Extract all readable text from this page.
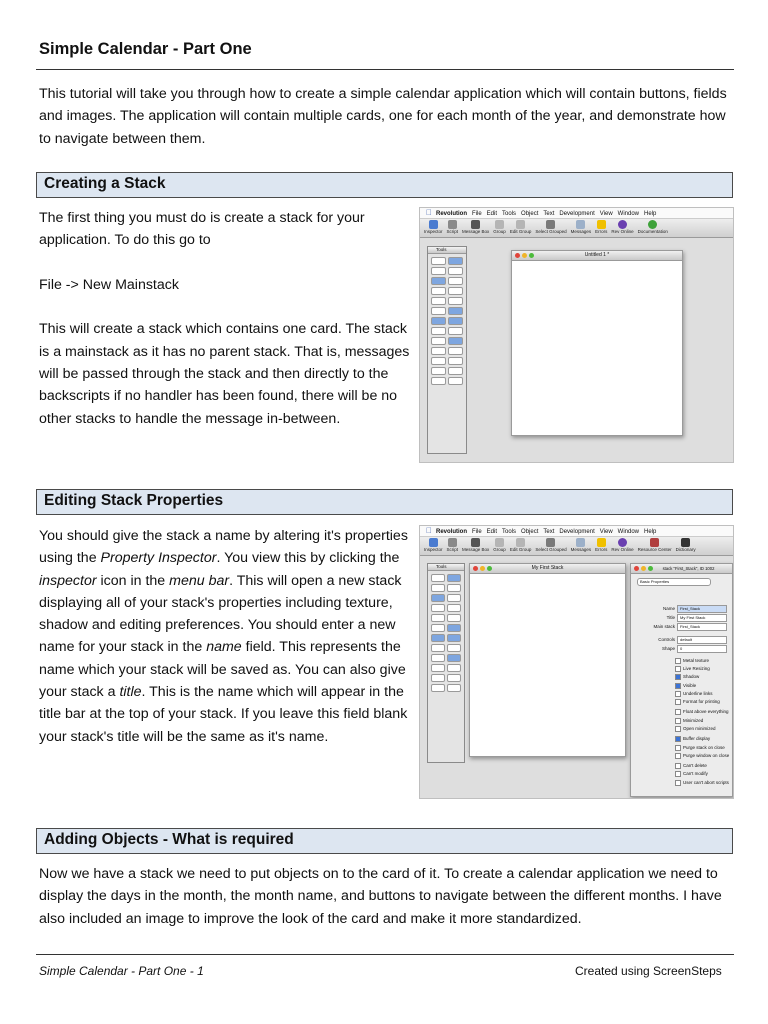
Simple Calendar - Part One

This tutorial will take you through how to create a simple calendar application which will contain buttons, fields and images. The application will contain multiple cards, one for each month of the year, and demonstrate how to navigate between them.

Creating a Stack

The first thing you must do is create a stack for your application. To do this go to

File -> New Mainstack

This will create a stack which contains one card. The stack is a mainstack as it has no parent stack. That is, messages will be passed through the stack and then directly to the backscripts if no handler has been found, there will be no other stacks to handle the message in-between.

Revolution File Edit Tools Object Text Development View Window Help
Inspector Script Message Box Group Edit Group Select Grouped Messages Errors Rev Online Documentation
Tools
Untitled 1 *
Editing Stack Properties

You should give the stack a name by altering it's properties using the Property Inspector. You view this by clicking the inspector icon in the menu bar. This will open a new stack displaying all of your stack's properties including texture, shadow and editing preferences. You should enter a new name for your stack in the name field. This represents the name which your stack will be saved as. You can also give your stack a title. This is the name which will appear in the title bar at the top of your stack. If you leave this field blank your stack's title will be the same as it's name.

Revolution File Edit Tools Object Text Development View Window Help
Inspector Script Message Box Group Edit Group Select Grouped Messages Errors Rev Online Resource Center Dictionary
Tools	My First Stack	stack "First_Stack", ID 1002
Basic Properties
Name	First_Stack
Title	My First Stack
Main stack	First_Stack
Controls	default
Shape	0
Metal texture
Live Resizing
Shadow
Visible
Underline links
Format for printing
Float above everything
Minimized
Open minimized
Buffer display
Purge stack on close
Purge window on close
Can't delete
Can't modify
User can't abort scripts
Adding Objects - What is required

Now we have a stack we need to put objects on to the card of it. To create a calendar application we need to display the days in the month, the month name, and buttons to navigate between the different months. I have also included an image to improve the look of the card and make it more standardized.

Simple Calendar - Part One - 1	Created using ScreenSteps
